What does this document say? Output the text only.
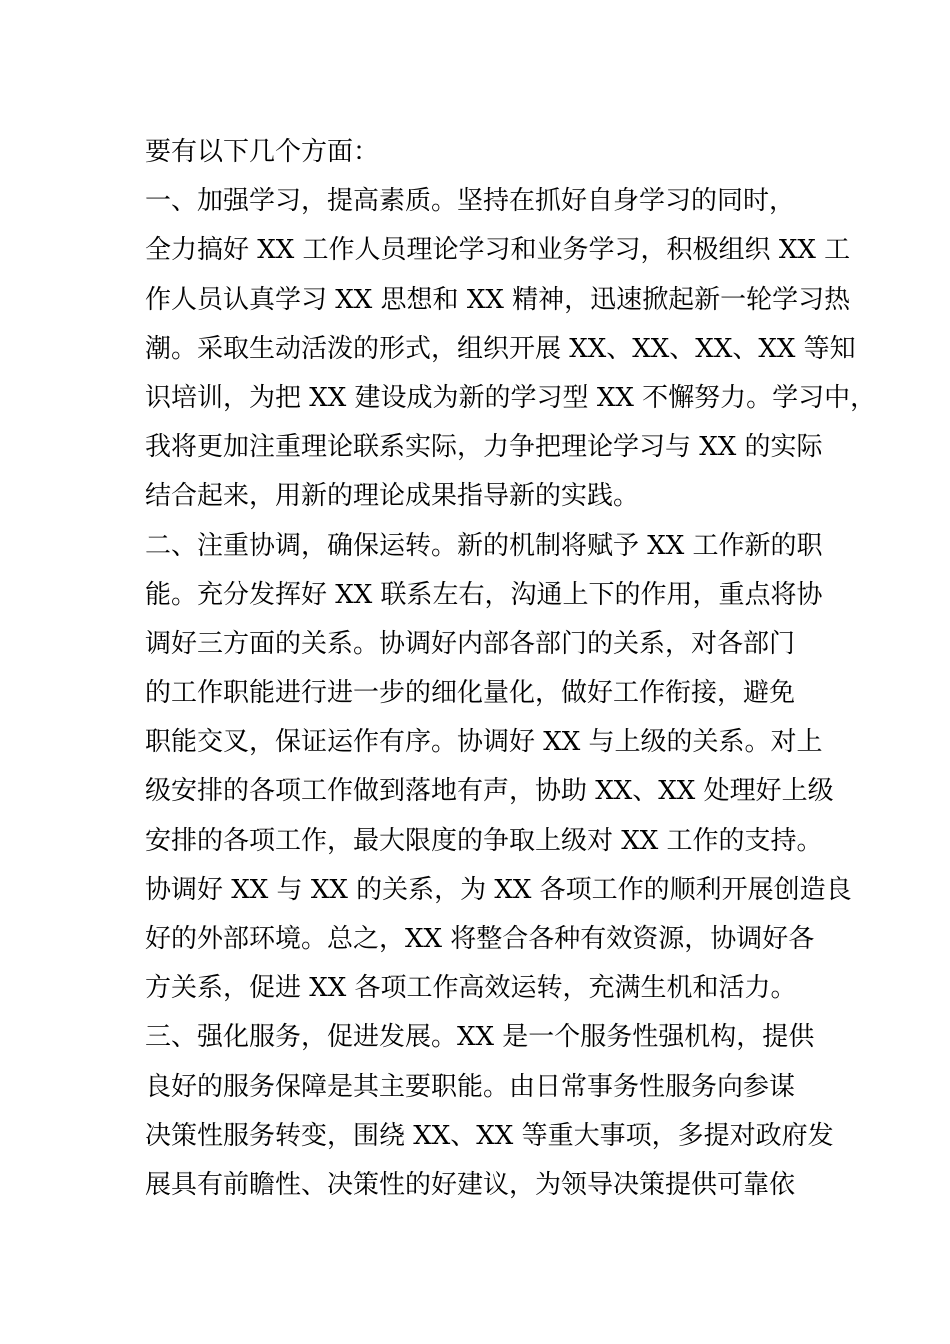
要有以下几个方面：
一、加强学习，提高素质。坚持在抓好自身学习的同时，
全力搞好 XX 工作人员理论学习和业务学习，积极组织 XX 工
作人员认真学习 XX 思想和 XX 精神，迅速掀起新一轮学习热
潮。采取生动活泼的形式，组织开展 XX、XX、XX、XX 等知
识培训，为把 XX 建设成为新的学习型 XX 不懈努力。学习中，
我将更加注重理论联系实际，力争把理论学习与 XX 的实际
结合起来，用新的理论成果指导新的实践。
二、注重协调，确保运转。新的机制将赋予 XX 工作新的职
能。充分发挥好 XX 联系左右，沟通上下的作用，重点将协
调好三方面的关系。协调好内部各部门的关系，对各部门
的工作职能进行进一步的细化量化，做好工作衔接，避免
职能交叉，保证运作有序。协调好 XX 与上级的关系。对上
级安排的各项工作做到落地有声，协助 XX、XX 处理好上级
安排的各项工作，最大限度的争取上级对 XX 工作的支持。
协调好 XX 与 XX 的关系，为 XX 各项工作的顺利开展创造良
好的外部环境。总之，XX 将整合各种有效资源，协调好各
方关系，促进 XX 各项工作高效运转，充满生机和活力。
三、强化服务，促进发展。XX 是一个服务性强机构，提供
良好的服务保障是其主要职能。由日常事务性服务向参谋
决策性服务转变，围绕 XX、XX 等重大事项，多提对政府发
展具有前瞻性、决策性的好建议，为领导决策提供可靠依
